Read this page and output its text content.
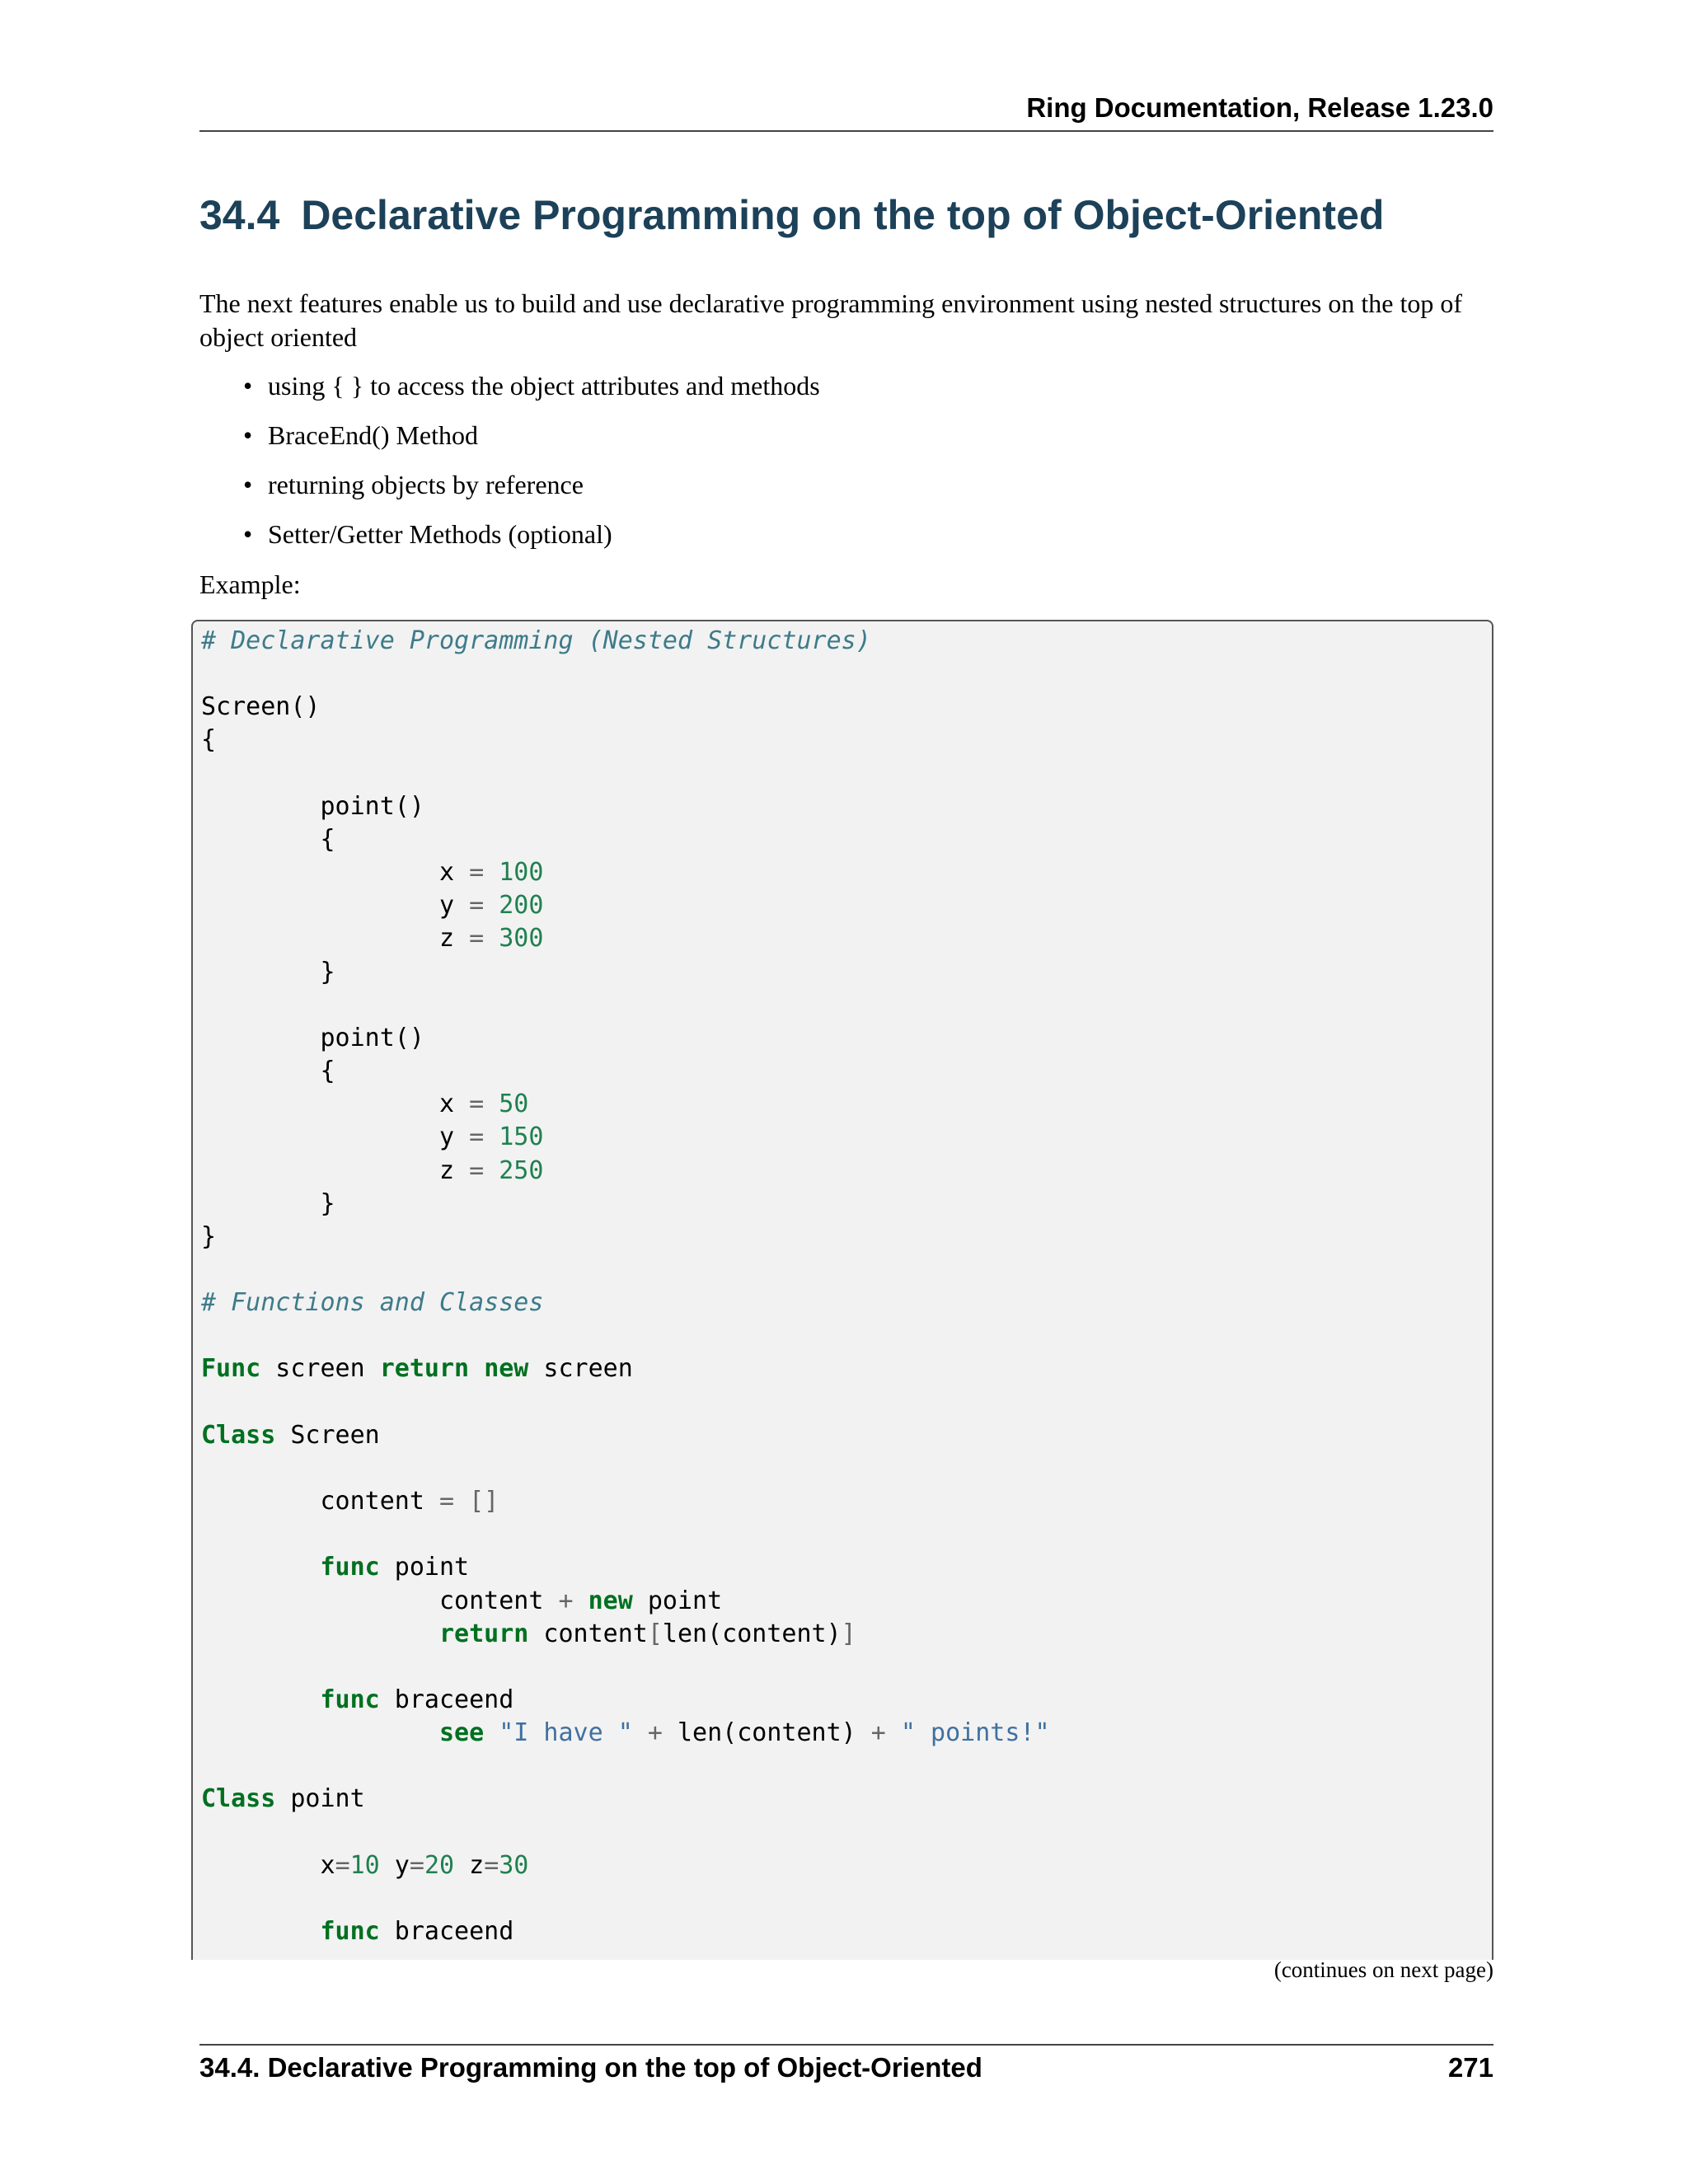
Ring Documentation, Release 1.23.0
34.4 Declarative Programming on the top of Object-Oriented

The next features enable us to build and use declarative programming environment using nested structures on the top of object oriented

• using { } to access the object attributes and methods
• BraceEnd() Method
• returning objects by reference
• Setter/Getter Methods (optional)

Example:

# Declarative Programming (Nested Structures)

Screen()
{

point()
{
x = 100
y = 200
z = 300
}

point()
{
x = 50
y = 150
z = 250
}
}

# Functions and Classes

Func screen return new screen

Class Screen

content = []

func point
content + new point
return content[len(content)]

func braceend
see "I have " + len(content) + " points!"

Class point

x=10 y=20 z=30

func braceend
(continues on next page)
34.4. Declarative Programming on the top of Object-Oriented	271
